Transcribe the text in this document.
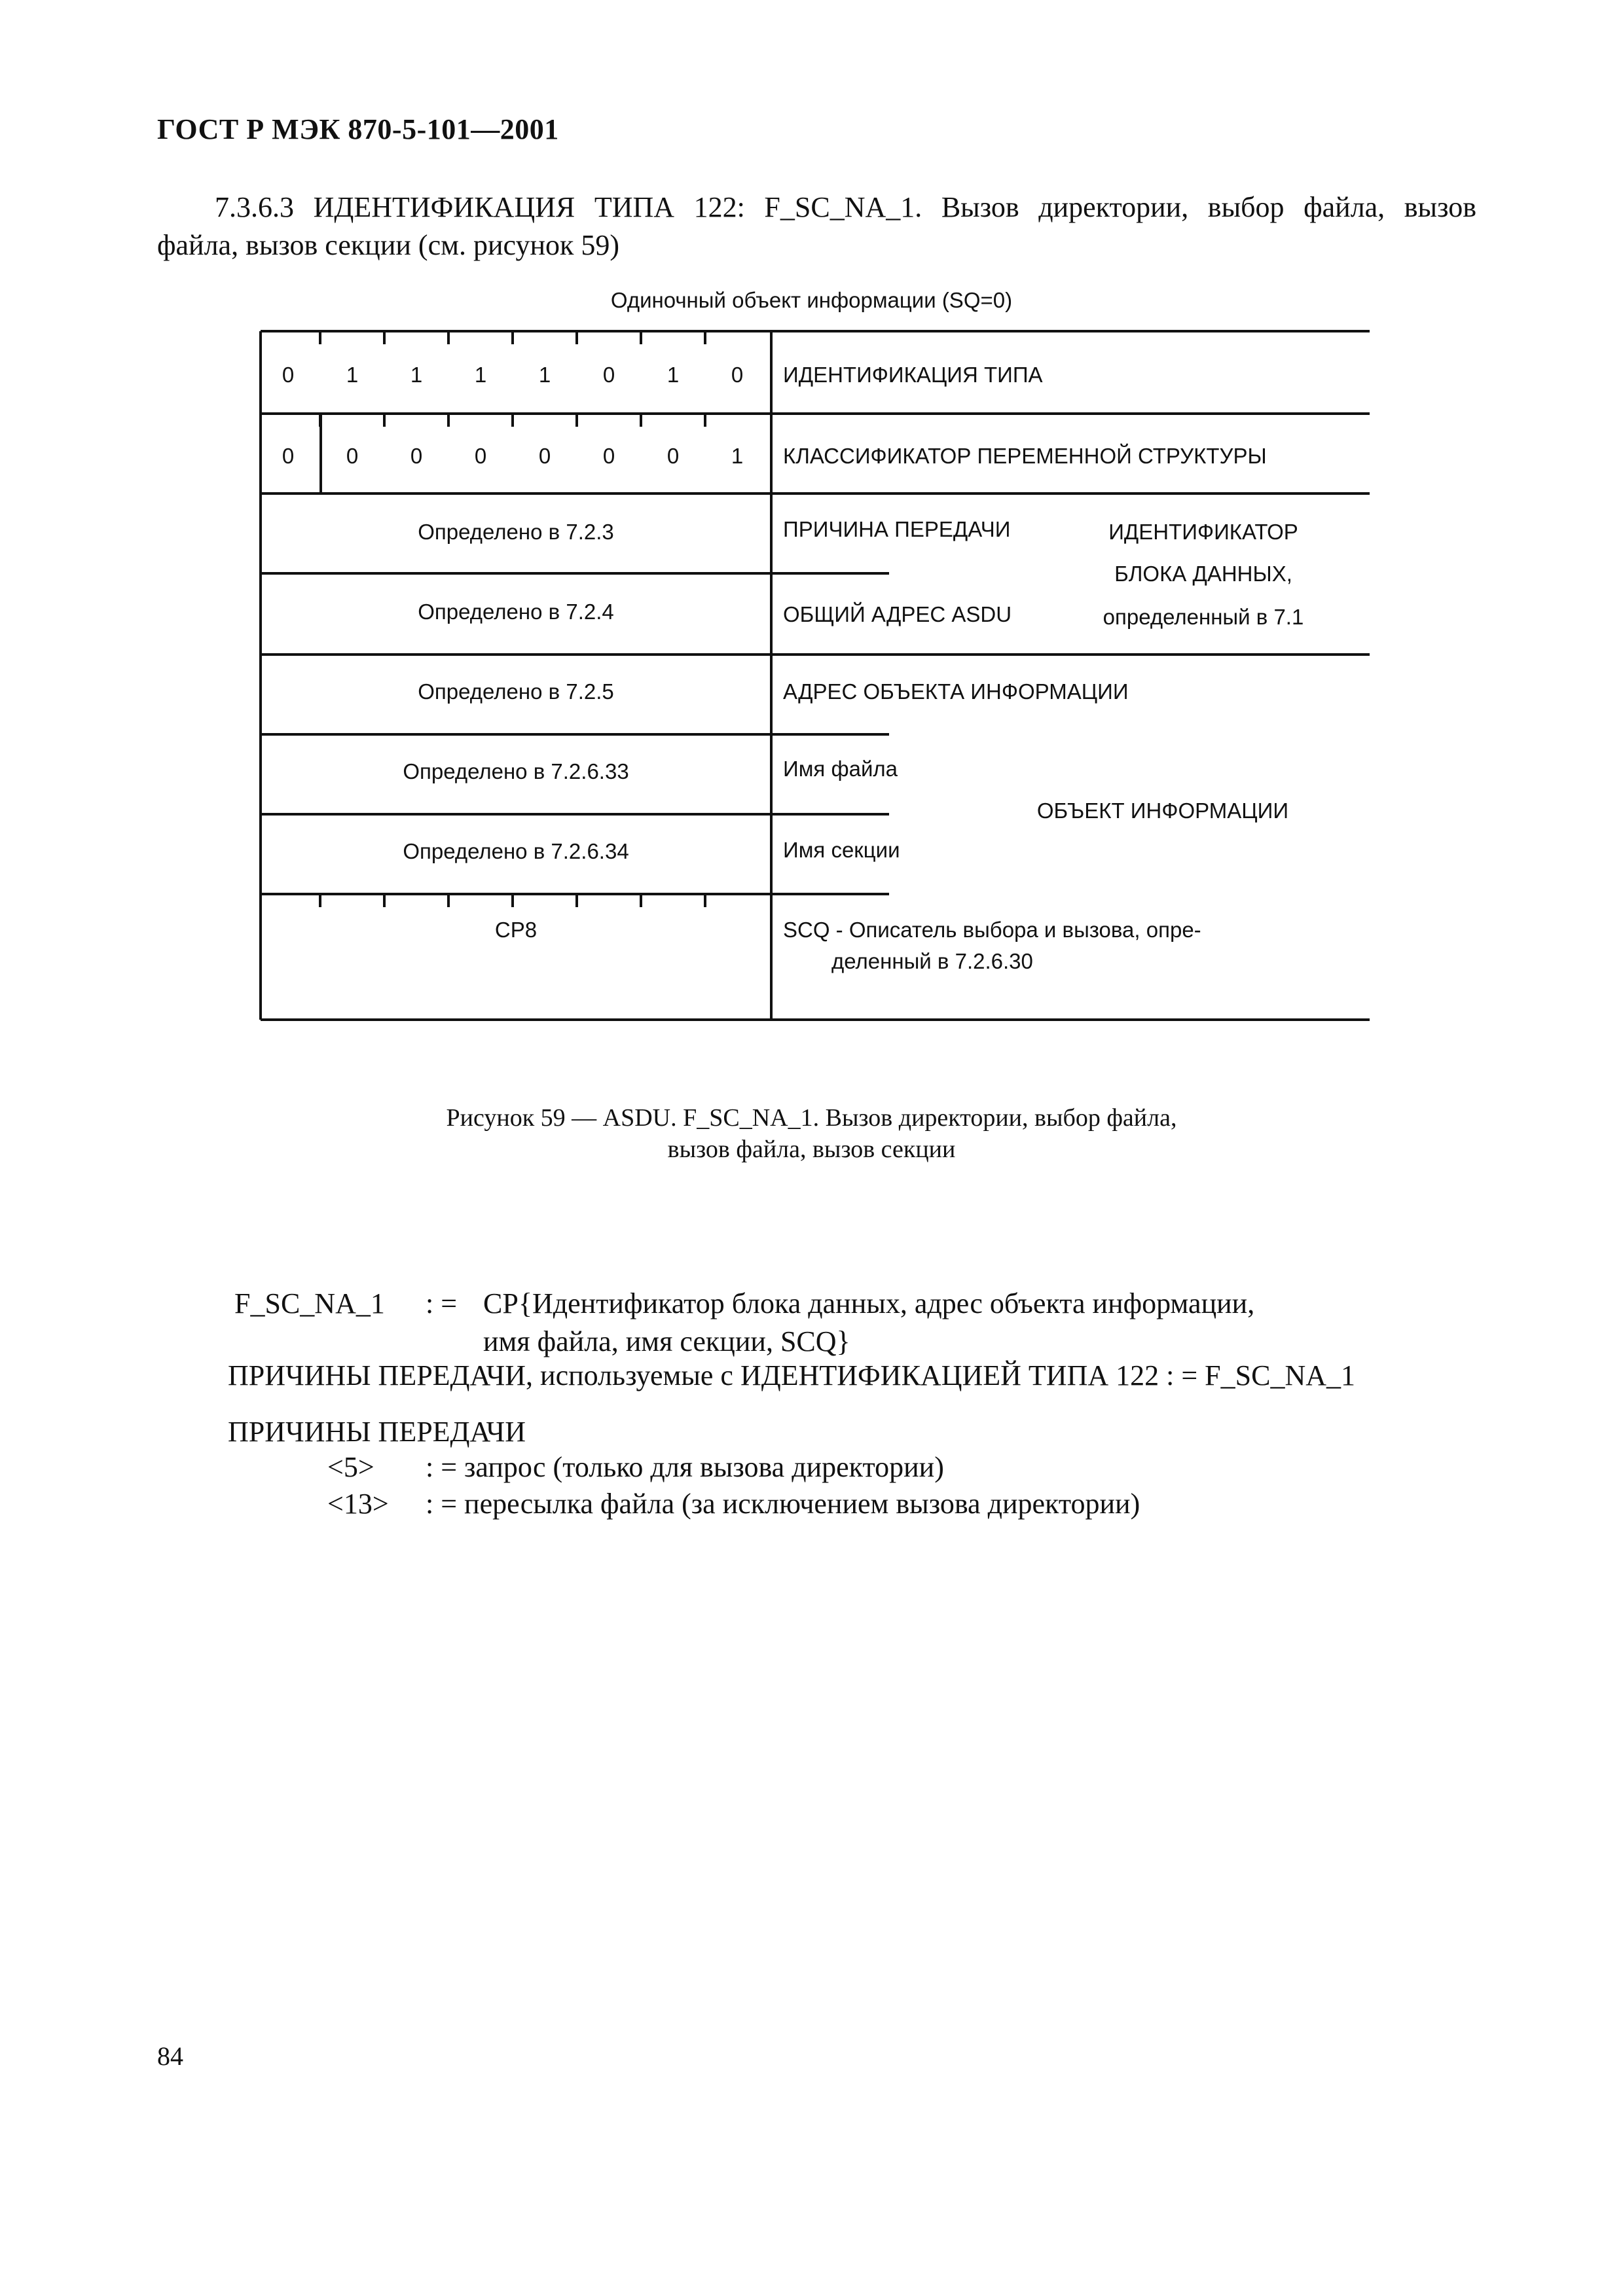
ГОСТ Р МЭК 870-5-101—2001
7.3.6.3 ИДЕНТИФИКАЦИЯ ТИПА 122: F_SC_NA_1. Вызов директории, выбор файла, вызов
файла, вызов секции (см. рисунок 59)
Одиночный объект информации (SQ=0)
0 1 1 1 1 0 1 0
0 0 0 0 0 0 0 1
ИДЕНТИФИКАЦИЯ ТИПА
КЛАССИФИКАТОР ПЕРЕМЕННОЙ СТРУКТУРЫ
Определено в 7.2.3
Определено в 7.2.4
Определено в 7.2.5
Определено в 7.2.6.33
Определено в 7.2.6.34
ПРИЧИНА ПЕРЕДАЧИ
ОБЩИЙ АДРЕС ASDU
АДРЕС ОБЪЕКТА ИНФОРМАЦИИ
Имя файла
Имя секции
ИДЕНТИФИКАТОР
БЛОКА ДАННЫХ,
определенный в 7.1
ОБЪЕКТ ИНФОРМАЦИИ
CP8	SCQ - Описатель выбора и вызова, опре-
деленный в 7.2.6.30
Рисунок 59 — ASDU. F_SC_NA_1. Вызов директории, выбор файла,
вызов файла, вызов секции
F_SC_NA_1 : = CP{Идентификатор блока данных, адрес объекта информации,
имя файла, имя секции, SCQ}
ПРИЧИНЫ ПЕРЕДАЧИ, используемые с ИДЕНТИФИКАЦИЕЙ ТИПА 122 : = F_SC_NA_1
ПРИЧИНЫ ПЕРЕДАЧИ
<5> : = запрос (только для вызова директории)
<13> : = пересылка файла (за исключением вызова директории)
84
